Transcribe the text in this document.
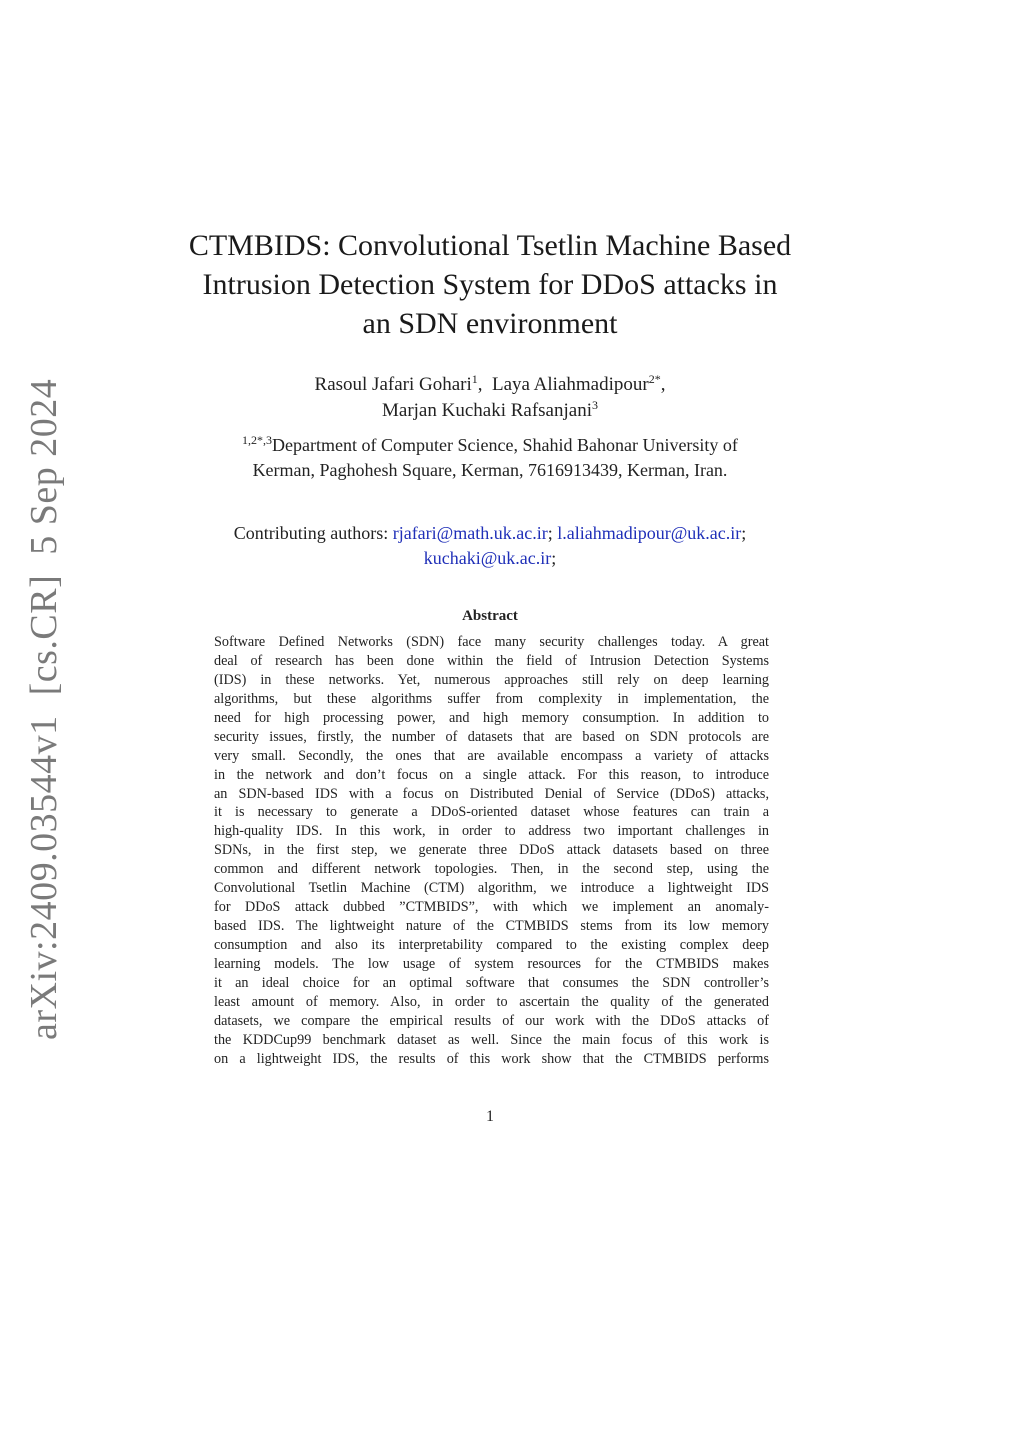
arXiv:2409.03544v1[cs.CR]5 Sep 2024
CTMBIDS: Convolutional Tsetlin Machine Based
Intrusion Detection System for DDoS attacks in
an SDN environment
Rasoul Jafari Gohari$^1$,  Laya Aliahmadipour$^{2*}$,
Marjan Kuchaki Rafsanjani$^3$
$^{1,2*,3}$Department of Computer Science, Shahid Bahonar University of
Kerman, Paghohesh Square, Kerman, 7616913439, Kerman, Iran.
Contributing authors: rjafari@math.uk.ac.ir; l.aliahmadipour@uk.ac.ir;
kuchaki@uk.ac.ir;
Abstract
Software Defined Networks (SDN) face many security challenges today. A great
deal of research has been done within the field of Intrusion Detection Systems
(IDS) in these networks. Yet, numerous approaches still rely on deep learning
algorithms, but these algorithms suffer from complexity in implementation, the
need for high processing power, and high memory consumption. In addition to
security issues, firstly, the number of datasets that are based on SDN protocols are
very small. Secondly, the ones that are available encompass a variety of attacks
in the network and don’t focus on a single attack. For this reason, to introduce
an SDN-based IDS with a focus on Distributed Denial of Service (DDoS) attacks,
it is necessary to generate a DDoS-oriented dataset whose features can train a
high-quality IDS. In this work, in order to address two important challenges in
SDNs, in the first step, we generate three DDoS attack datasets based on three
common and different network topologies. Then, in the second step, using the
Convolutional Tsetlin Machine (CTM) algorithm, we introduce a lightweight IDS
for DDoS attack dubbed ”CTMBIDS”, with which we implement an anomaly-
based IDS. The lightweight nature of the CTMBIDS stems from its low memory
consumption and also its interpretability compared to the existing complex deep
learning models. The low usage of system resources for the CTMBIDS makes
it an ideal choice for an optimal software that consumes the SDN controller’s
least amount of memory. Also, in order to ascertain the quality of the generated
datasets, we compare the empirical results of our work with the DDoS attacks of
the KDDCup99 benchmark dataset as well. Since the main focus of this work is
on a lightweight IDS, the results of this work show that the CTMBIDS performs
1
